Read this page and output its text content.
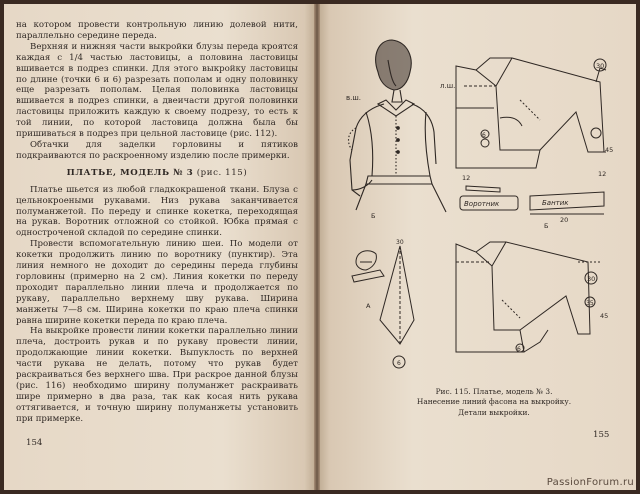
на котором провести контрольную линию долевой нити, параллельно середине переда.

Верхняя и нижняя части выкройки блузы переда кроятся каждая с 1/4 частью ластовицы, а половина ластовицы вшивается в подрез спинки. Для этого выкройку ластовицы по длине (точки 6 и 6) разрезать пополам и одну половинку еще разрезать пополам. Целая половинка ластовицы вшивается в подрез спинки, а двеичасти другой половинки ластовицы приложить каждую к своему подрезу, то есть к той линии, по которой ластовица должна была бы пришиваться в подрез при цельной ластовице (рис. 112).

Обтачки для заделки горловины и пятиков подкраиваются по раскроенному изделию после примерки.

ПЛАТЬЕ, МОДЕЛЬ № 3 (рис. 115)

Платье шьется из любой гладкокрашеной ткани. Блуза с цельнокроеными рукавами. Низ рукава заканчивается полуманжетой. По переду и спинке кокетка, переходящая на рукав. Воротник отложной со стойкой. Юбка прямая с одностроченой складой по середине спинки.

Провести вспомогательную линию шеи. По модели от кокетки продолжить линию по воротнику (пунктир). Эта линия немного не доходит до середины переда глубины горловины (примерно на 2 см). Линия кокетки по переду проходит параллельно линии плеча и продолжается по рукаву, параллельно верхнему шву рукава. Ширина манжеты 7—8 см. Ширина кокетки по краю плеча спинки равна ширине кокетки переда по краю плеча.

На выкройке провести линии кокетки параллельно линии плеча, достроить рукав и по рукаву провести линии, продолжающие линии кокетки. Выпуклость по верхней части рукава не делать, потому что рукав будет раскраиваться без верхнего шва. При раскрое данной блузы (рис. 116) необходимо ширину полуманжет раскраивать шире примерно в два раза, так как косая нить рукава оттягивается, и точную ширину полуманжеты установить при примерке.

154
л.ш.
в.ш.
30
6
45
12
12
Воротник	Бантик
20
30
6
30
35
45
6
A
Б
Б
Рис. 115. Платье, модель № 3.
Нанесение линий фасона на выкройку.
Детали выкройки.
155
PassionForum.ru
